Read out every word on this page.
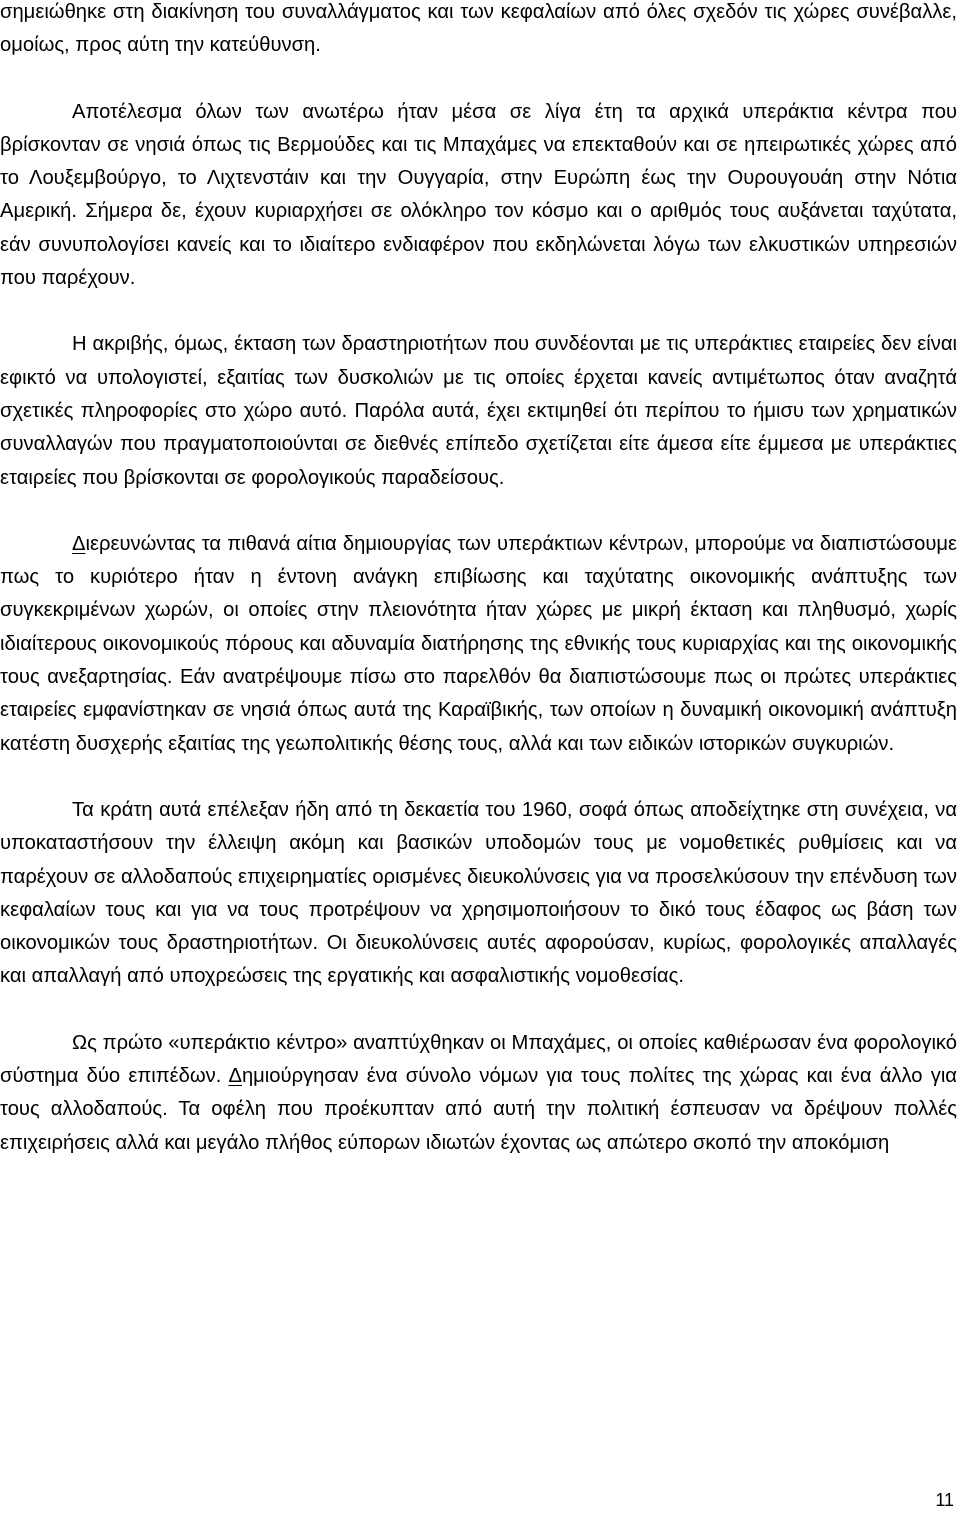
σημειώθηκε στη διακίνηση του συναλλάγματος και των κεφαλαίων από όλες σχεδόν τις χώρες συνέβαλλε, ομοίως, προς αύτη την κατεύθυνση.

Αποτέλεσμα όλων των ανωτέρω ήταν μέσα σε λίγα έτη τα αρχικά υπεράκτια κέντρα που βρίσκονταν σε νησιά όπως τις Βερμούδες και τις Μπαχάμες να επεκταθούν και σε ηπειρωτικές χώρες από το Λουξεμβούργο, το Λιχτενστάιν και την Ουγγαρία, στην Ευρώπη έως την Ουρουγουάη στην Νότια Αμερική. Σήμερα δε, έχουν κυριαρχήσει σε ολόκληρο τον κόσμο και ο αριθμός τους αυξάνεται ταχύτατα, εάν συνυπολογίσει κανείς και το ιδιαίτερο ενδιαφέρον που εκδηλώνεται λόγω των ελκυστικών υπηρεσιών που παρέχουν.

Η ακριβής, όμως, έκταση των δραστηριοτήτων που συνδέονται με τις υπεράκτιες εταιρείες δεν είναι εφικτό να υπολογιστεί, εξαιτίας των δυσκολιών με τις οποίες έρχεται κανείς αντιμέτωπος όταν αναζητά σχετικές πληροφορίες στο χώρο αυτό. Παρόλα αυτά, έχει εκτιμηθεί ότι περίπου το ήμισυ των χρηματικών συναλλαγών που πραγματοποιούνται σε διεθνές επίπεδο σχετίζεται είτε άμεσα είτε έμμεσα με υπεράκτιες εταιρείες που βρίσκονται σε φορολογικούς παραδείσους.

Διερευνώντας τα πιθανά αίτια δημιουργίας των υπεράκτιων κέντρων, μπορούμε να διαπιστώσουμε πως το κυριότερο ήταν η έντονη ανάγκη επιβίωσης και ταχύτατης οικονομικής ανάπτυξης των συγκεκριμένων χωρών, οι οποίες στην πλειονότητα ήταν χώρες με μικρή έκταση και πληθυσμό, χωρίς ιδιαίτερους οικονομικούς πόρους και αδυναμία διατήρησης της εθνικής τους κυριαρχίας και της οικονομικής τους ανεξαρτησίας. Εάν ανατρέψουμε πίσω στο παρελθόν θα διαπιστώσουμε πως οι πρώτες υπεράκτιες εταιρείες εμφανίστηκαν σε νησιά όπως αυτά της Καραϊβικής, των οποίων η δυναμική οικονομική ανάπτυξη κατέστη δυσχερής εξαιτίας της γεωπολιτικής θέσης τους, αλλά και των ειδικών ιστορικών συγκυριών.

Τα κράτη αυτά επέλεξαν ήδη από τη δεκαετία του 1960, σοφά όπως αποδείχτηκε στη συνέχεια, να υποκαταστήσουν την έλλειψη ακόμη και βασικών υποδομών τους με νομοθετικές ρυθμίσεις και να παρέχουν σε αλλοδαπούς επιχειρηματίες ορισμένες διευκολύνσεις για να προσελκύσουν την επένδυση των κεφαλαίων τους και για να τους προτρέψουν να χρησιμοποιήσουν το δικό τους έδαφος ως βάση των οικονομικών τους δραστηριοτήτων. Οι διευκολύνσεις αυτές αφορούσαν, κυρίως, φορολογικές απαλλαγές και απαλλαγή από υποχρεώσεις της εργατικής και ασφαλιστικής νομοθεσίας.

Ως πρώτο «υπεράκτιο κέντρο» αναπτύχθηκαν οι Μπαχάμες, οι οποίες καθιέρωσαν ένα φορολογικό σύστημα δύο επιπέδων. Δημιούργησαν ένα σύνολο νόμων για τους πολίτες της χώρας και ένα άλλο για τους αλλοδαπούς. Τα οφέλη που προέκυπταν από αυτή την πολιτική έσπευσαν να δρέψουν πολλές επιχειρήσεις αλλά και μεγάλο πλήθος εύπορων ιδιωτών έχοντας ως απώτερο σκοπό την αποκόμιση

11
